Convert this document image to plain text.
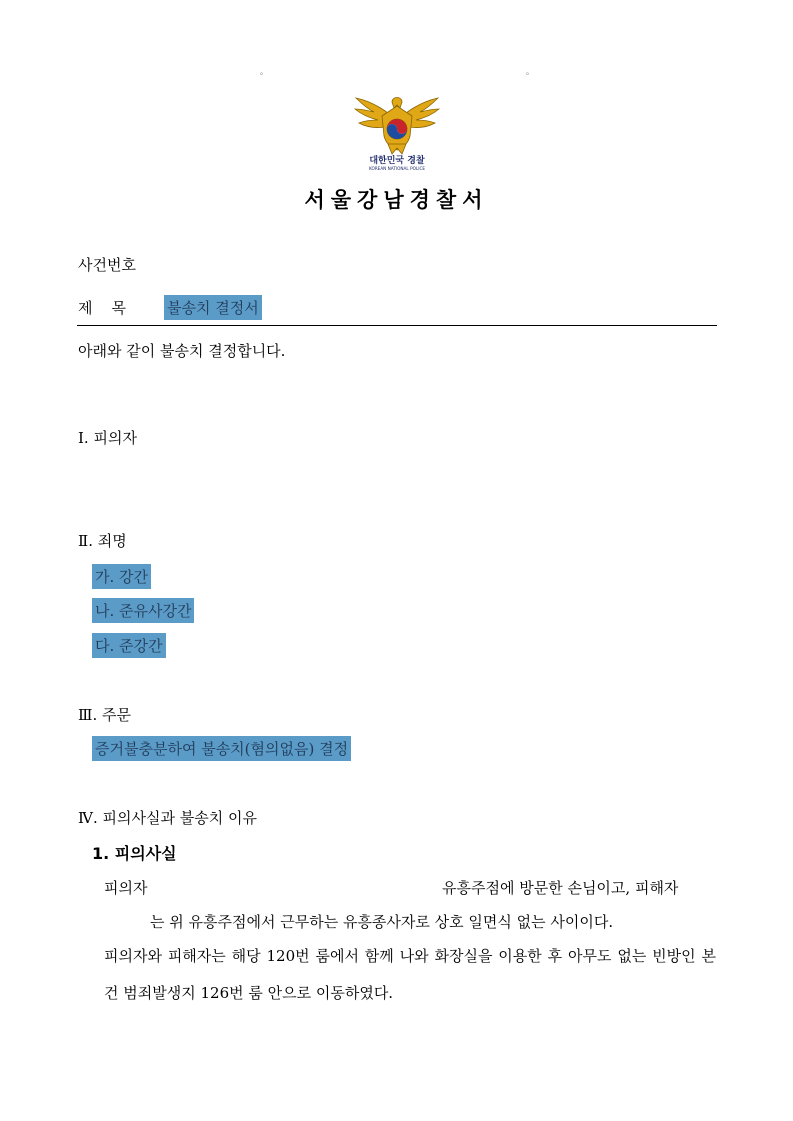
。	。
대한민국 경찰
KOREAN NATIONAL POLICE
서울강남경찰서
사건번호
제    목	불송치 결정서
아래와 같이 불송치 결정합니다.
Ⅰ. 피의자
Ⅱ. 죄명
가. 강간
나. 준유사강간
다. 준강간
Ⅲ. 주문
증거불충분하여 불송치(혐의없음) 결정
Ⅳ. 피의사실과 불송치 이유
1. 피의사실
피의자	유흥주점에 방문한 손님이고, 피해자
는 위 유흥주점에서 근무하는 유흥종사자로 상호 일면식 없는 사이이다.
피의자와 피해자는 해당 120번 룸에서 함께 나와 화장실을 이용한 후 아무도 없는 빈방인 본 건 범죄발생지 126번 룸 안으로 이동하였다.
